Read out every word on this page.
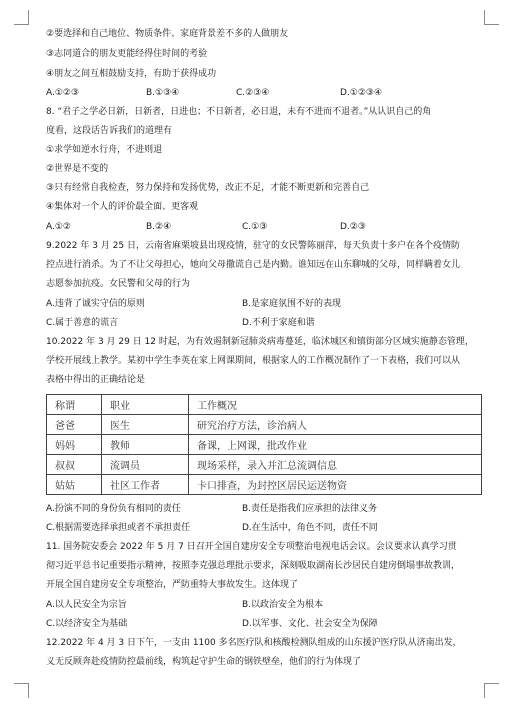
②要选择和自己地位、物质条件、家庭背景差不多的人做朋友
③志同道合的朋友更能经得住时间的考验
④朋友之间互相鼓励支持，有助于获得成功
A.①②③	B.①③④	C.②③④	D.①②③④
8. “君子之学必日新，日新者，日进也；不日新者，必日退，未有不进而不退者。”从认识自己的角
度看，这段话告诉我们的道理有
①求学如逆水行舟，不进则退
②世界是不变的
③只有经常自我检查，努力保持和发扬优势，改正不足，才能不断更新和完善自己
④集体对一个人的评价最全面、更客观
A.①②	B.②④	C.①③	D.②③
9.2022 年 3 月 25 日，云南省麻栗坡县出现疫情，驻守的女民警陈丽萍，每天负责十多户在各个疫情防
控点进行消杀。为了不让父母担心，她向父母撒谎自己是内勤。谁知远在山东聊城的父母，同样瞒着女儿
志愿参加抗疫。女民警和父母的行为
A.违背了诚实守信的原则	B.是家庭氛围不好的表现
C.属于善意的谎言	D.不利于家庭和谐
10.2022 年 3 月 29 日 12 时起，为有效遏制新冠肺炎病毒蔓延，临沭城区和镇街部分区域实施静态管理，
学校开展线上教学。某初中学生李英在家上网课期间，根据家人的工作概况制作了一下表格，我们可以从
表格中得出的正确结论是
称谓	职业	工作概况
爸爸	医生	研究治疗方法，诊治病人
妈妈	教师	备课，上网课，批改作业
叔叔	流调员	现场采样，录入并汇总流调信息
姑姑	社区工作者	卡口排查，为封控区居民运送物资
A.扮演不同的身份负有相同的责任	B.责任是指我们应承担的法律义务
C.根据需要选择承担或者不承担责任	D.在生活中，角色不同，责任不同
11. 国务院安委会 2022 年 5 月 7 日召开全国自建房安全专项整治电视电话会议。会议要求认真学习贯
彻习近平总书记重要指示精神，按照李克强总理批示要求，深刻吸取湖南长沙居民自建房倒塌事故教训，
开展全国自建房安全专项整治，严防重特大事故发生。这体现了
A.以人民安全为宗旨	B.以政治安全为根本
C.以经济安全为基础	D.以军事、文化、社会安全为保障
12.2022 年 4 月 3 日下午，一支由 1100 多名医疗队和核酸检测队组成的山东援沪医疗队从济南出发，
义无反顾奔赴疫情防控最前线，构筑起守护生命的钢铁壁垒，他们的行为体现了
